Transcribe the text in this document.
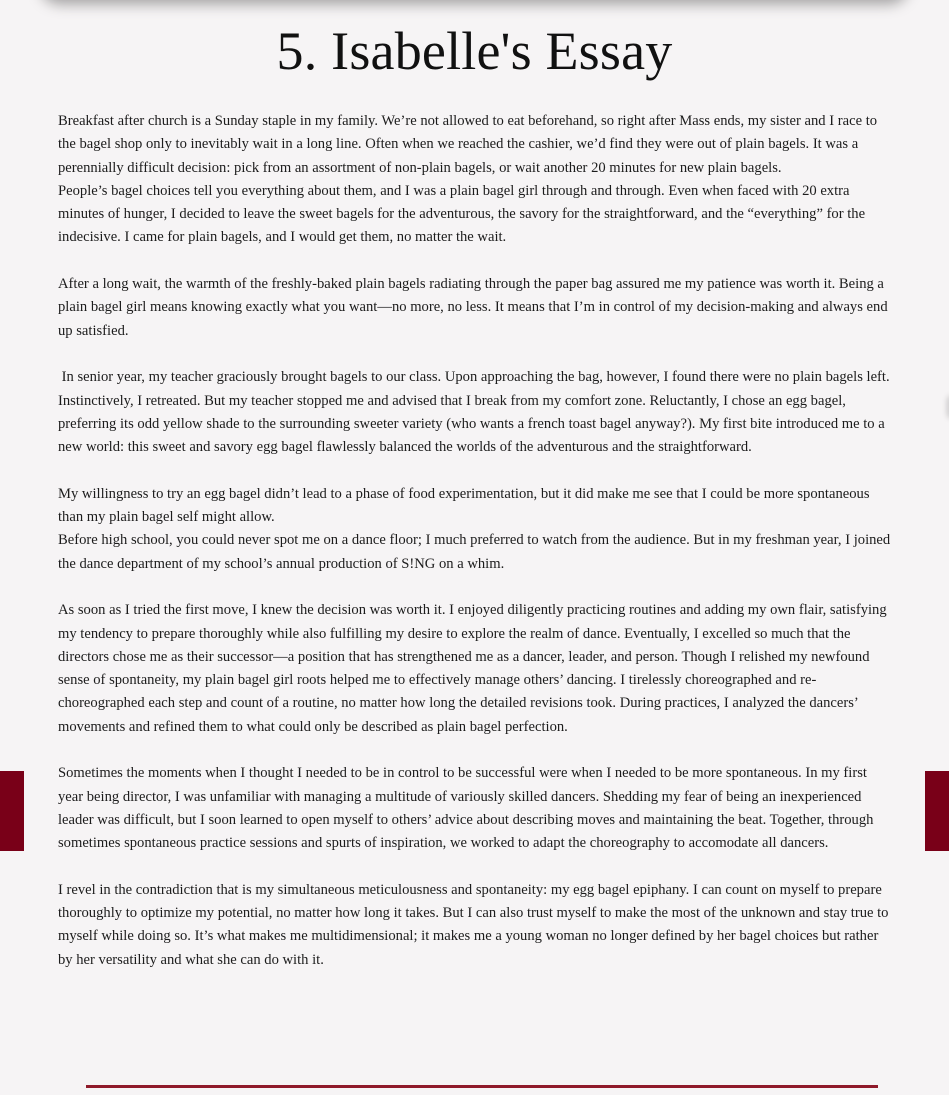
5. Isabelle's Essay

Breakfast after church is a Sunday staple in my family. We’re not allowed to eat beforehand, so right after Mass ends, my sister and I race to the bagel shop only to inevitably wait in a long line. Often when we reached the cashier, we’d find they were out of plain bagels. It was a perennially difficult decision: pick from an assortment of non-plain bagels, or wait another 20 minutes for new plain bagels.

People’s bagel choices tell you everything about them, and I was a plain bagel girl through and through. Even when faced with 20 extra minutes of hunger, I decided to leave the sweet bagels for the adventurous, the savory for the straightforward, and the “everything” for the indecisive. I came for plain bagels, and I would get them, no matter the wait.

After a long wait, the warmth of the freshly-baked plain bagels radiating through the paper bag assured me my patience was worth it. Being a plain bagel girl means knowing exactly what you want—no more, no less. It means that I’m in control of my decision-making and always end up satisfied.

In senior year, my teacher graciously brought bagels to our class. Upon approaching the bag, however, I found there were no plain bagels left. Instinctively, I retreated. But my teacher stopped me and advised that I break from my comfort zone. Reluctantly, I chose an egg bagel, preferring its odd yellow shade to the surrounding sweeter variety (who wants a french toast bagel anyway?). My first bite introduced me to a new world: this sweet and savory egg bagel flawlessly balanced the worlds of the adventurous and the straightforward.

My willingness to try an egg bagel didn’t lead to a phase of food experimentation, but it did make me see that I could be more spontaneous than my plain bagel self might allow.

Before high school, you could never spot me on a dance floor; I much preferred to watch from the audience. But in my freshman year, I joined the dance department of my school’s annual production of S!NG on a whim.

As soon as I tried the first move, I knew the decision was worth it. I enjoyed diligently practicing routines and adding my own flair, satisfying my tendency to prepare thoroughly while also fulfilling my desire to explore the realm of dance. Eventually, I excelled so much that the directors chose me as their successor—a position that has strengthened me as a dancer, leader, and person. Though I relished my newfound sense of spontaneity, my plain bagel girl roots helped me to effectively manage others’ dancing. I tirelessly choreographed and re-choreographed each step and count of a routine, no matter how long the detailed revisions took. During practices, I analyzed the dancers’ movements and refined them to what could only be described as plain bagel perfection.

Sometimes the moments when I thought I needed to be in control to be successful were when I needed to be more spontaneous. In my first year being director, I was unfamiliar with managing a multitude of variously skilled dancers. Shedding my fear of being an inexperienced leader was difficult, but I soon learned to open myself to others’ advice about describing moves and maintaining the beat. Together, through sometimes spontaneous practice sessions and spurts of inspiration, we worked to adapt the choreography to accomodate all dancers.

I revel in the contradiction that is my simultaneous meticulousness and spontaneity: my egg bagel epiphany. I can count on myself to prepare thoroughly to optimize my potential, no matter how long it takes. But I can also trust myself to make the most of the unknown and stay true to myself while doing so. It’s what makes me multidimensional; it makes me a young woman no longer defined by her bagel choices but rather by her versatility and what she can do with it.
